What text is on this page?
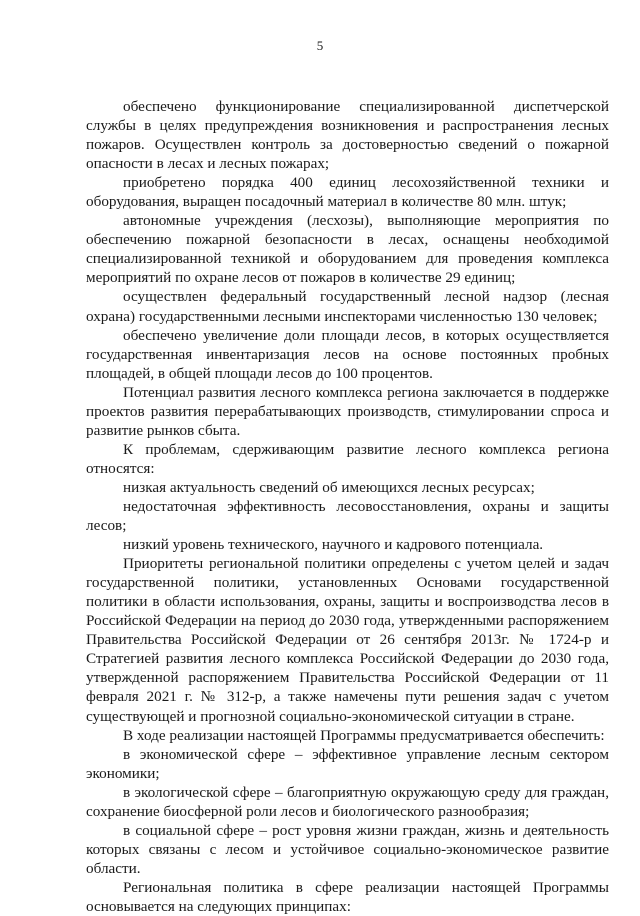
5

обеспечено функционирование специализированной диспетчерской службы в целях предупреждения возникновения и распространения лесных пожаров. Осуществлен контроль за достоверностью сведений о пожарной опасности в лесах и лесных пожарах;

приобретено порядка 400 единиц лесохозяйственной техники и оборудования, выращен посадочный материал в количестве 80 млн. штук;

автономные учреждения (лесхозы), выполняющие мероприятия по обеспечению пожарной безопасности в лесах, оснащены необходимой специализированной техникой и оборудованием для проведения комплекса мероприятий по охране лесов от пожаров в количестве 29 единиц;

осуществлен федеральный государственный лесной надзор (лесная охрана) государственными лесными инспекторами численностью 130 человек;

обеспечено увеличение доли площади лесов, в которых осуществляется государственная инвентаризация лесов на основе постоянных пробных площадей, в общей площади лесов до 100 процентов.

Потенциал развития лесного комплекса региона заключается в поддержке проектов развития перерабатывающих производств, стимулировании спроса и развитие рынков сбыта.

К проблемам, сдерживающим развитие лесного комплекса региона относятся:

низкая актуальность сведений об имеющихся лесных ресурсах;

недостаточная эффективность лесовосстановления, охраны и защиты лесов;

низкий уровень технического, научного и кадрового потенциала.

Приоритеты региональной политики определены с учетом целей и задач государственной политики, установленных Основами государственной политики в области использования, охраны, защиты и воспроизводства лесов в Российской Федерации на период до 2030 года, утвержденными распоряжением Правительства Российской Федерации от 26 сентября 2013г. № 1724-р и Стратегией развития лесного комплекса Российской Федерации до 2030 года, утвержденной распоряжением Правительства Российской Федерации от 11 февраля 2021 г. № 312-р, а также намечены пути решения задач с учетом существующей и прогнозной социально-экономической ситуации в стране.

В ходе реализации настоящей Программы предусматривается обеспечить:

в экономической сфере – эффективное управление лесным сектором экономики;

в экологической сфере – благоприятную окружающую среду для граждан, сохранение биосферной роли лесов и биологического разнообразия;

в социальной сфере – рост уровня жизни граждан, жизнь и деятельность которых связаны с лесом и устойчивое социально-экономическое развитие области.

Региональная политика в сфере реализации настоящей Программы основывается на следующих принципах:
